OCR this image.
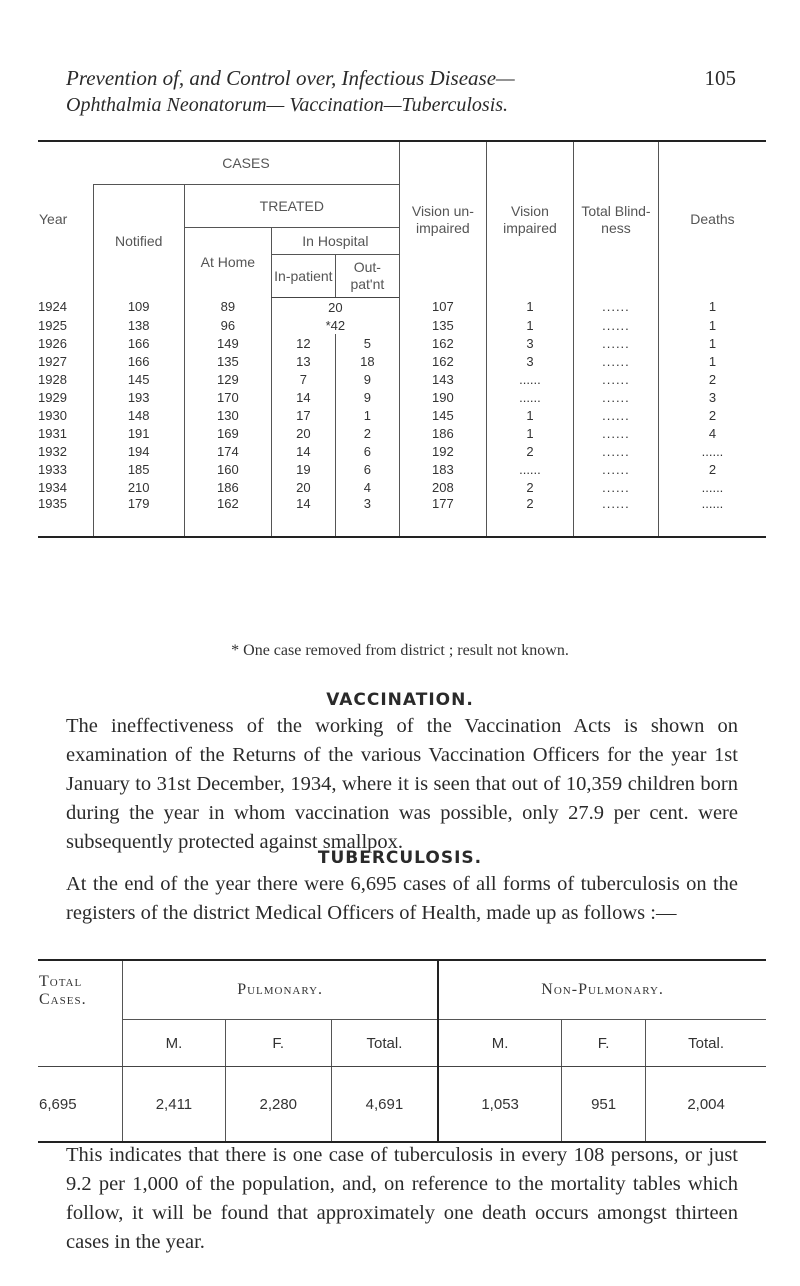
Prevention of, and Control over, Infectious Disease—	105
Ophthalmia Neonatorum— Vaccination—Tuberculosis.
Year	CASES				Vision un-impaired	Vision impaired	Total Blind-ness	Deaths
	Notified	TREATED						
		At Home	In Hospital					
			In-patient	Out-pat'nt				
1924	109	89	20		107	1	......	1
1925	138	96	*42		135	1	......	1
1926	166	149	12	5	162	3	......	1
1927	166	135	13	18	162	3	......	1
1928	145	129	7	9	143	......	......	2
1929	193	170	14	9	190	......	......	3
1930	148	130	17	1	145	1	......	2
1931	191	169	20	2	186	1	......	4
1932	194	174	14	6	192	2	......	......
1933	185	160	19	6	183	......	......	2
1934	210	186	20	4	208	2	......	......
1935	179	162	14	3	177	2	......	......
* One case removed from district ; result not known.
VACCINATION.
The ineffectiveness of the working of the Vaccination Acts is shown on examination of the Returns of the various Vaccination Officers for the year 1st January to 31st December, 1934, where it is seen that out of 10,359 children born during the year in whom vaccination was possible, only 27.9 per cent. were subsequently protected against smallpox.
TUBERCULOSIS.
At the end of the year there were 6,695 cases of all forms of tuberculosis on the registers of the district Medical Officers of Health, made up as follows :—
Total Cases.	Pulmonary.			Non-Pulmonary.		
	M.	F.	Total.	M.	F.	Total.
6,695	2,411	2,280	4,691	1,053	951	2,004
This indicates that there is one case of tuberculosis in every 108 persons, or just 9.2 per 1,000 of the population, and, on reference to the mortality tables which follow, it will be found that approximately one death occurs amongst thirteen cases in the year.
